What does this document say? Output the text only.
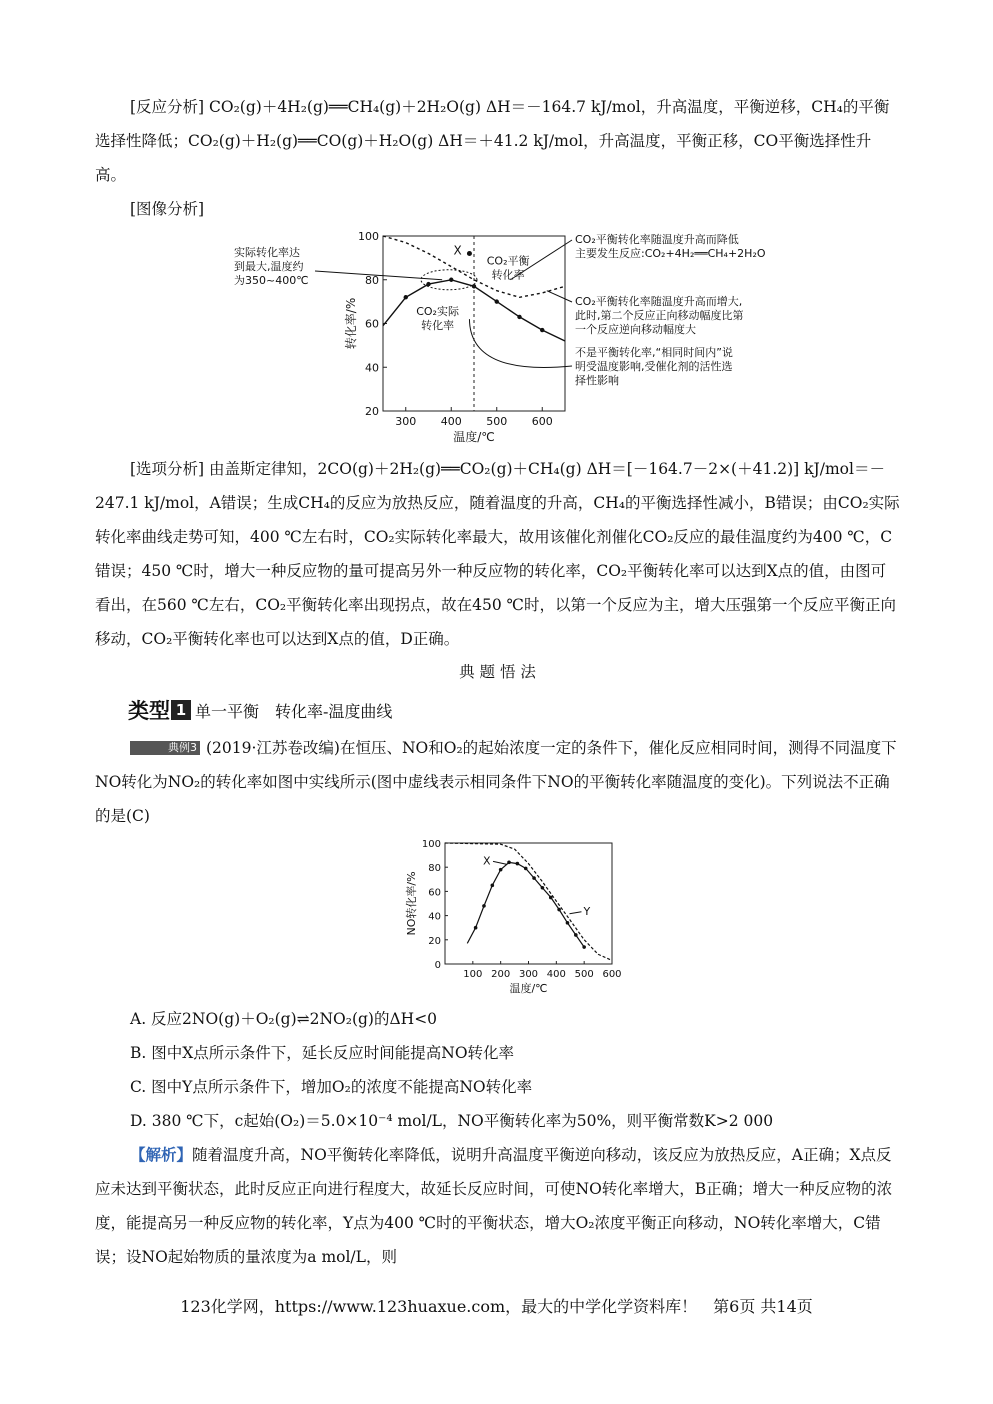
[反应分析] CO₂(g)＋4H₂(g)══CH₄(g)＋2H₂O(g) ΔH＝－164.7 kJ/mol，升高温度，平衡逆移，CH₄的平衡选择性降低；CO₂(g)＋H₂(g)══CO(g)＋H₂O(g) ΔH＝＋41.2 kJ/mol，升高温度，平衡正移，CO平衡选择性升高。

[图像分析]

300 400 500 600
20
40
60
80
100
温度/℃
转化率/%
X
CO₂平衡
转化率
CO₂实际
转化率
实际转化率达
到最大,温度约
为350~400℃
CO₂平衡转化率随温度升高而降低
主要发生反应:CO₂+4H₂══CH₄+2H₂O
CO₂平衡转化率随温度升高而增大,
此时,第二个反应正向移动幅度比第
一个反应逆向移动幅度大
不是平衡转化率,“相同时间内”说
明受温度影响,受催化剂的活性选
择性影响

[选项分析] 由盖斯定律知，2CO(g)＋2H₂(g)══CO₂(g)＋CH₄(g) ΔH＝[－164.7－2×(＋41.2)] kJ/mol＝－247.1 kJ/mol，A错误；生成CH₄的反应为放热反应，随着温度的升高，CH₄的平衡选择性减小，B错误；由CO₂实际转化率曲线走势可知，400 ℃左右时，CO₂实际转化率最大，故用该催化剂催化CO₂反应的最佳温度约为400 ℃，C错误；450 ℃时，增大一种反应物的量可提高另外一种反应物的转化率，CO₂平衡转化率可以达到X点的值，由图可看出，在560 ℃左右，CO₂平衡转化率出现拐点，故在450 ℃时，以第一个反应为主，增大压强第一个反应平衡正向移动，CO₂平衡转化率也可以达到X点的值，D正确。

典 题 悟 法

类型 1 单一平衡　转化率-温度曲线

典例3 (2019·江苏卷改编)在恒压、NO和O₂的起始浓度一定的条件下，催化反应相同时间，测得不同温度下NO转化为NO₂的转化率如图中实线所示(图中虚线表示相同条件下NO的平衡转化率随温度的变化)。下列说法不正确的是(C)

100 200 300 400 500 600
0
20
40
60
80
100
温度/℃
NO转化率/%
X
Y

A. 反应2NO(g)＋O₂(g)⇌2NO₂(g)的ΔH<0

B. 图中X点所示条件下，延长反应时间能提高NO转化率

C. 图中Y点所示条件下，增加O₂的浓度不能提高NO转化率

D. 380 ℃下，c起始(O₂)＝5.0×10⁻⁴ mol/L，NO平衡转化率为50%，则平衡常数K>2 000

【解析】随着温度升高，NO平衡转化率降低，说明升高温度平衡逆向移动，该反应为放热反应，A正确；X点反应未达到平衡状态，此时反应正向进行程度大，故延长反应时间，可使NO转化率增大，B正确；增大一种反应物的浓度，能提高另一种反应物的转化率，Y点为400 ℃时的平衡状态，增大O₂浓度平衡正向移动，NO转化率增大，C错误；设NO起始物质的量浓度为a mol/L，则

123化学网，https://www.123huaxue.com，最大的中学化学资料库！　第6页 共14页
